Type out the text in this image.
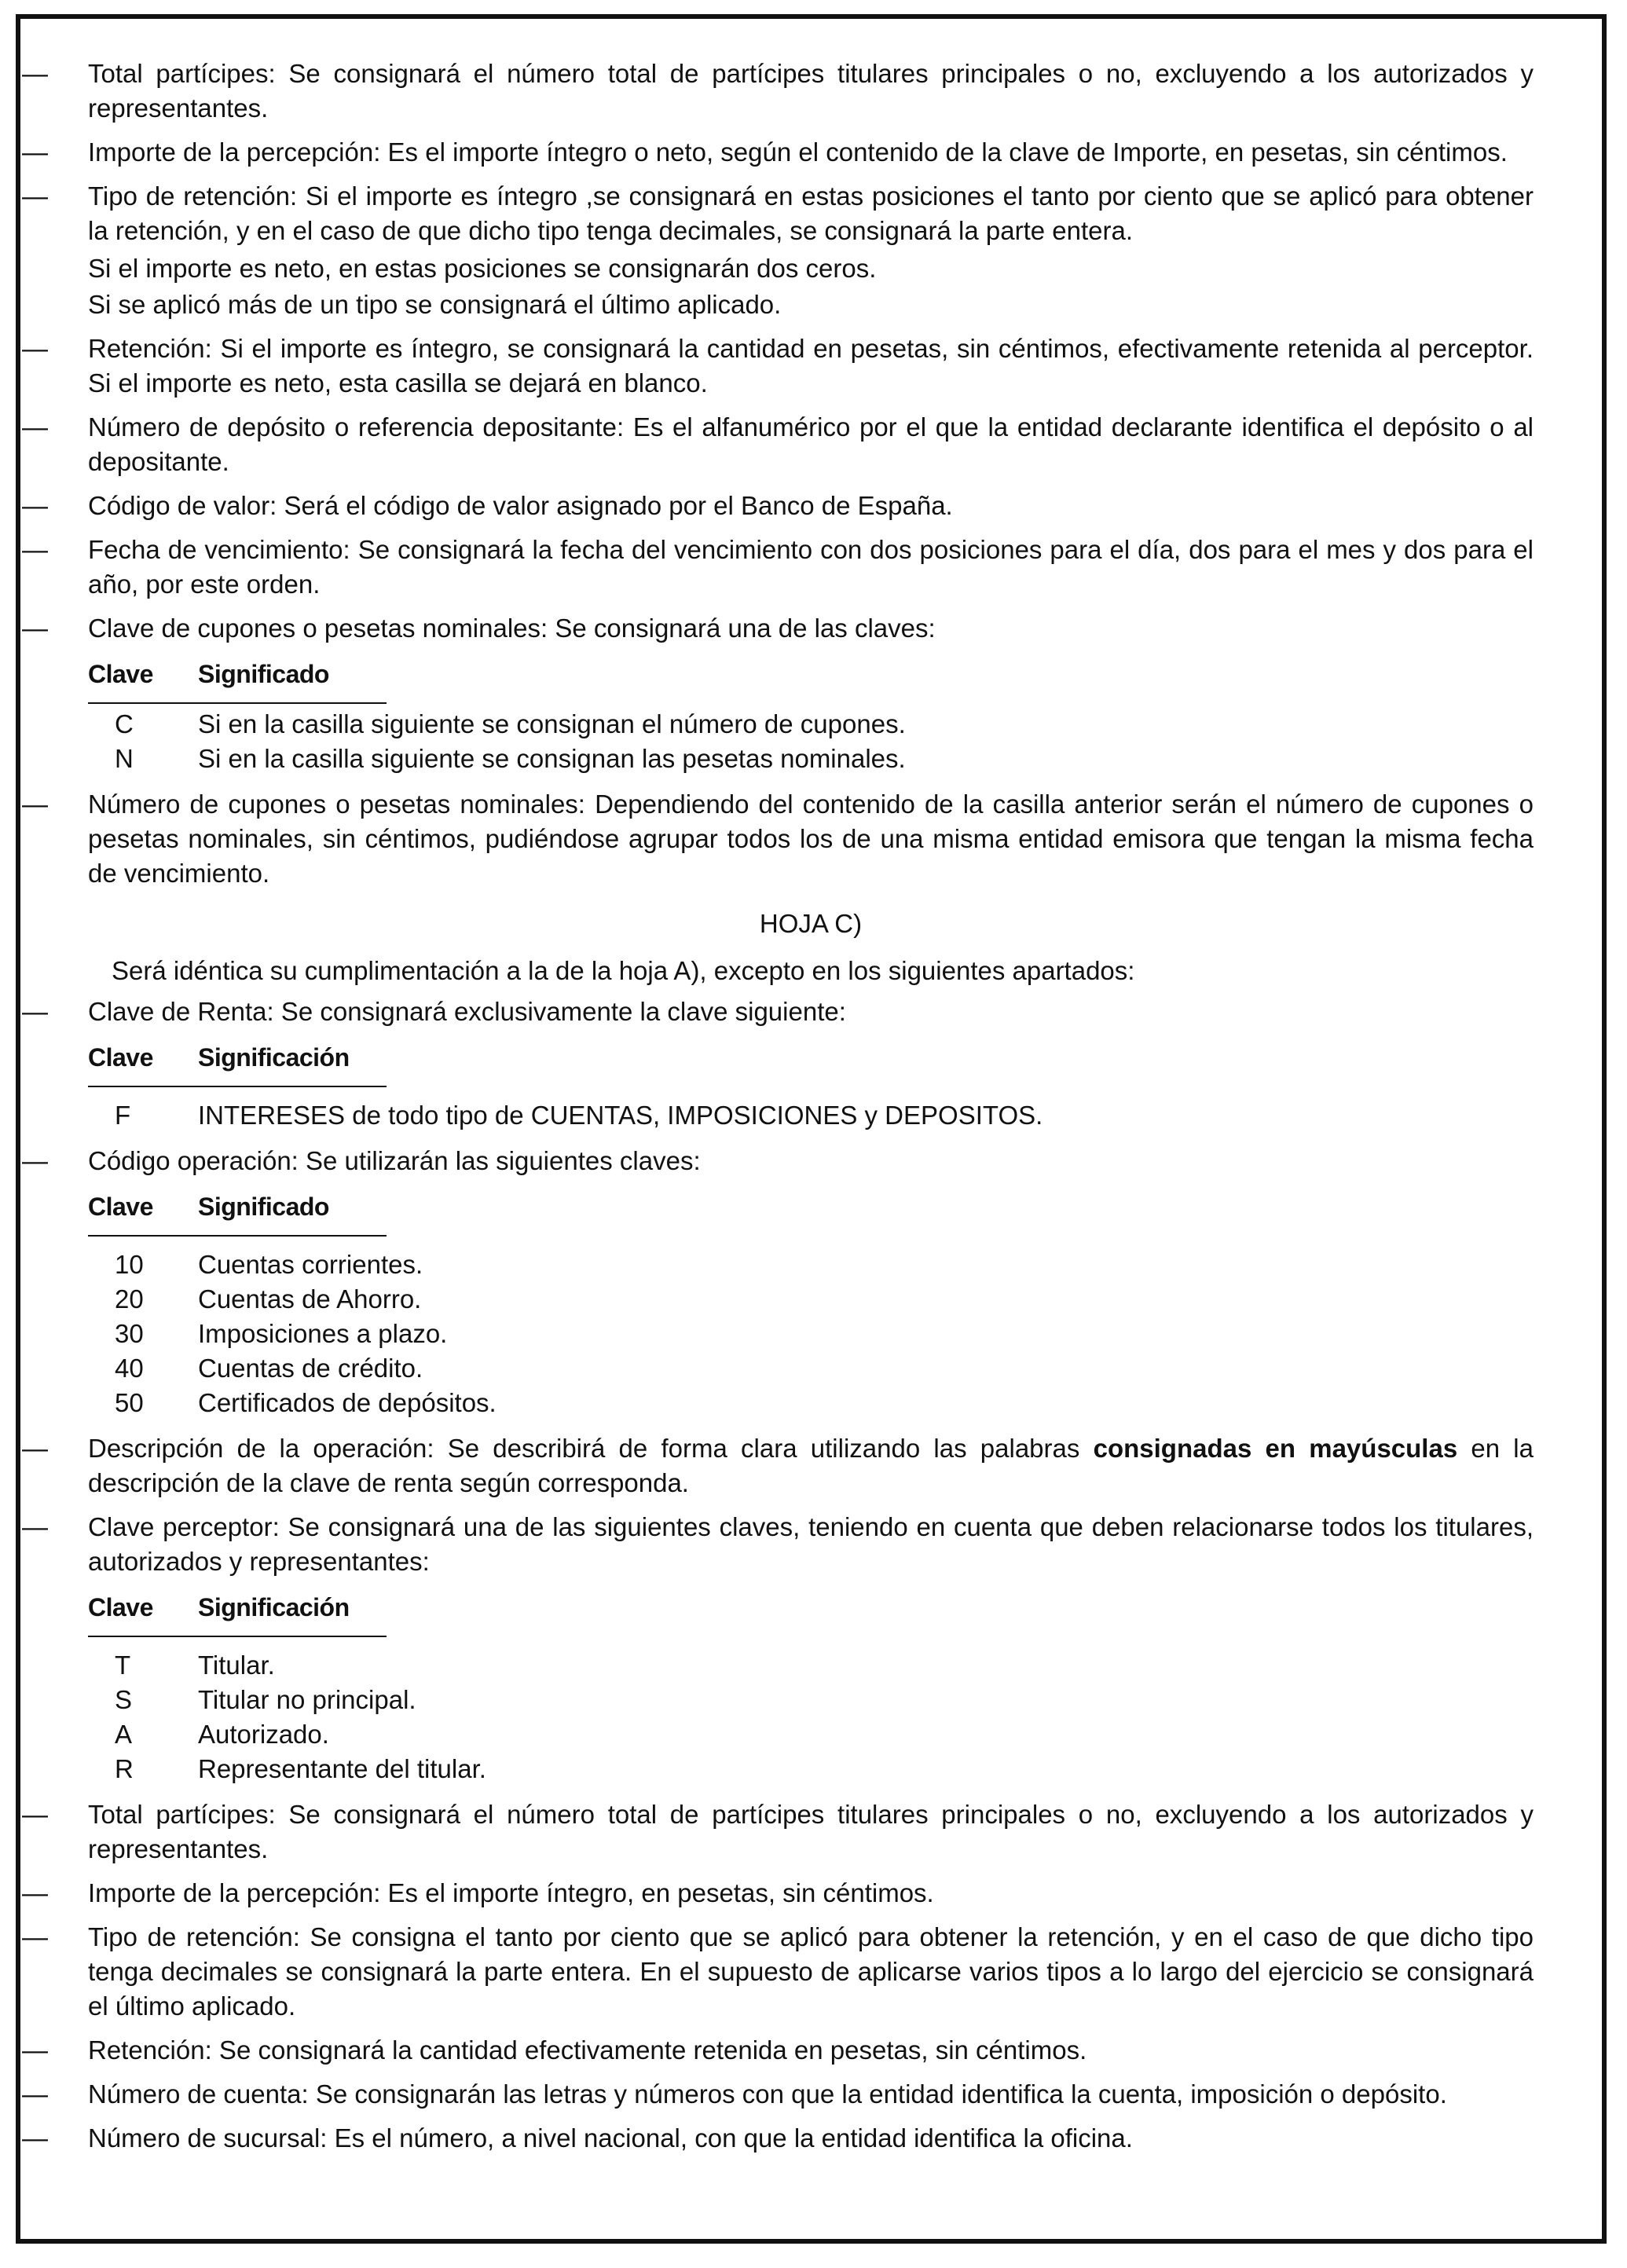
—	Total partícipes: Se consignará el número total de partícipes titulares principales o no, excluyendo a los autorizados y representantes.
—	Importe de la percepción: Es el importe íntegro o neto, según el contenido de la clave de Importe, en pesetas, sin céntimos.
—	Tipo de retención: Si el importe es íntegro ,se consignará en estas posiciones el tanto por ciento que se aplicó para obtener la retención, y en el caso de que dicho tipo tenga decimales, se consignará la parte entera.
Si el importe es neto, en estas posiciones se consignarán dos ceros.
Si se aplicó más de un tipo se consignará el último aplicado.
—	Retención: Si el importe es íntegro, se consignará la cantidad en pesetas, sin céntimos, efectivamente retenida al perceptor. Si el importe es neto, esta casilla se dejará en blanco.
—	Número de depósito o referencia depositante: Es el alfanumérico por el que la entidad declarante identifica el depósito o al depositante.
—	Código de valor: Será el código de valor asignado por el Banco de España.
—	Fecha de vencimiento: Se consignará la fecha del vencimiento con dos posiciones para el día, dos para el mes y dos para el año, por este orden.
—	Clave de cupones o pesetas nominales: Se consignará una de las claves:
Clave	Significado
C	Si en la casilla siguiente se consignan el número de cupones.
N	Si en la casilla siguiente se consignan las pesetas nominales.
—	Número de cupones o pesetas nominales: Dependiendo del contenido de la casilla anterior serán el número de cupones o pesetas nominales, sin céntimos, pudiéndose agrupar todos los de una misma entidad emisora que tengan la misma fecha de vencimiento.
HOJA C)
Será idéntica su cumplimentación a la de la hoja A), excepto en los siguientes apartados:
—	Clave de Renta: Se consignará exclusivamente la clave siguiente:
Clave	Significación
F	INTERESES de todo tipo de CUENTAS, IMPOSICIONES y DEPOSITOS.
—	Código operación: Se utilizarán las siguientes claves:
Clave	Significado
10	Cuentas corrientes.
20	Cuentas de Ahorro.
30	Imposiciones a plazo.
40	Cuentas de crédito.
50	Certificados de depósitos.
—	Descripción de la operación: Se describirá de forma clara utilizando las palabras consignadas en mayúsculas en la descripción de la clave de renta según corresponda.
—	Clave perceptor: Se consignará una de las siguientes claves, teniendo en cuenta que deben relacionarse todos los titulares, autorizados y representantes:
Clave	Significación
T	Titular.
S	Titular no principal.
A	Autorizado.
R	Representante del titular.
—	Total partícipes: Se consignará el número total de partícipes titulares principales o no, excluyendo a los autorizados y representantes.
—	Importe de la percepción: Es el importe íntegro, en pesetas, sin céntimos.
—	Tipo de retención: Se consigna el tanto por ciento que se aplicó para obtener la retención, y en el caso de que dicho tipo tenga decimales se consignará la parte entera. En el supuesto de aplicarse varios tipos a lo largo del ejercicio se consignará el último aplicado.
—	Retención: Se consignará la cantidad efectivamente retenida en pesetas, sin céntimos.
—	Número de cuenta: Se consignarán las letras y números con que la entidad identifica la cuenta, imposición o depósito.
—	Número de sucursal: Es el número, a nivel nacional, con que la entidad identifica la oficina.
